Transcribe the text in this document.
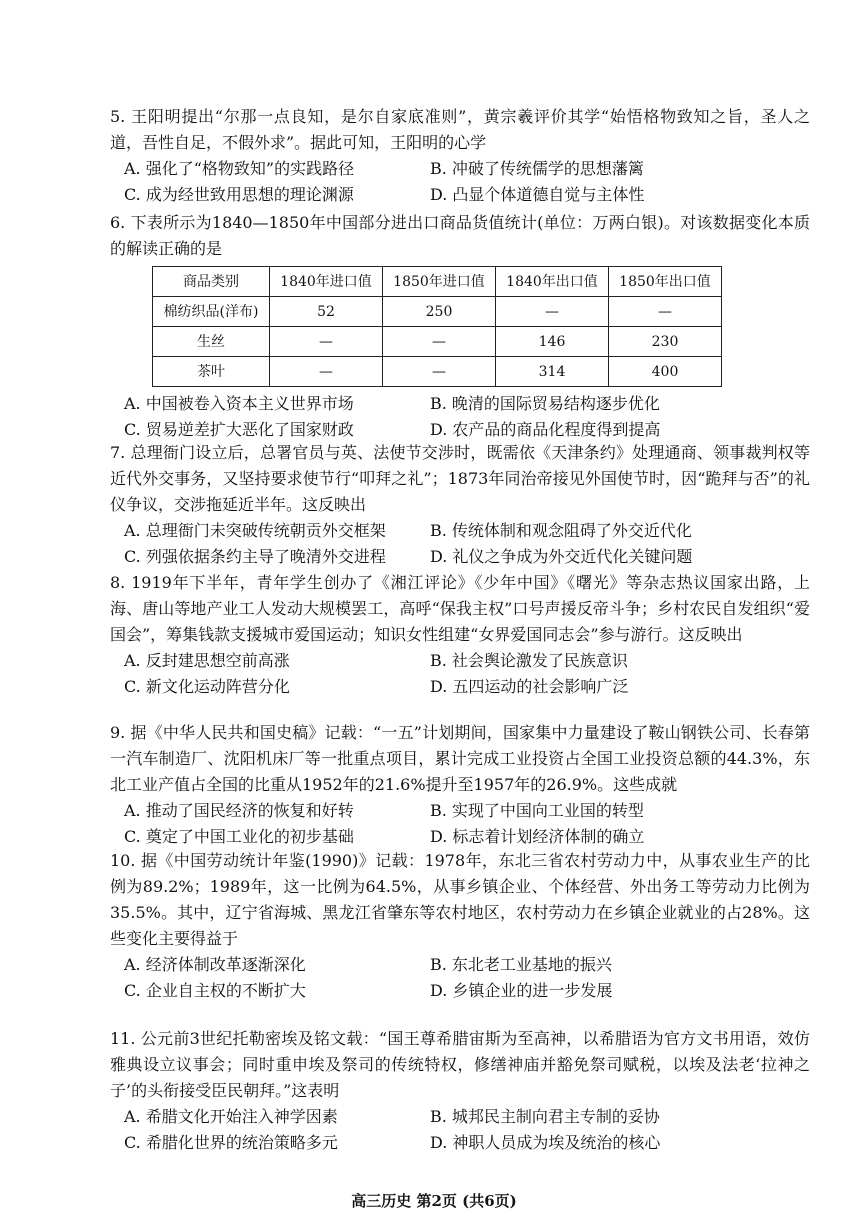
5. 王阳明提出“尔那一点良知，是尔自家底准则”，黄宗羲评价其学“始悟格物致知之旨，圣人之道，吾性自足，不假外求”。据此可知，王阳明的心学

A. 强化了“格物致知”的实践路径	B. 冲破了传统儒学的思想藩篱
C. 成为经世致用思想的理论渊源	D. 凸显个体道德自觉与主体性

6. 下表所示为1840—1850年中国部分进出口商品货值统计(单位：万两白银)。对该数据变化本质的解读正确的是

商品类别	1840年进口值	1850年进口值	1840年出口值	1850年出口值
棉纺织品(洋布)	52	250	—	—
生丝	—	—	146	230
茶叶	—	—	314	400
A. 中国被卷入资本主义世界市场	B. 晚清的国际贸易结构逐步优化
C. 贸易逆差扩大恶化了国家财政	D. 农产品的商品化程度得到提高

7. 总理衙门设立后，总署官员与英、法使节交涉时，既需依《天津条约》处理通商、领事裁判权等近代外交事务，又坚持要求使节行“叩拜之礼”；1873年同治帝接见外国使节时，因“跪拜与否”的礼仪争议，交涉拖延近半年。这反映出

A. 总理衙门未突破传统朝贡外交框架	B. 传统体制和观念阻碍了外交近代化
C. 列强依据条约主导了晚清外交进程	D. 礼仪之争成为外交近代化关键问题

8. 1919年下半年，青年学生创办了《湘江评论》《少年中国》《曙光》等杂志热议国家出路，上海、唐山等地产业工人发动大规模罢工，高呼“保我主权”口号声援反帝斗争；乡村农民自发组织“爱国会”，筹集钱款支援城市爱国运动；知识女性组建“女界爱国同志会”参与游行。这反映出

A. 反封建思想空前高涨	B. 社会舆论激发了民族意识
C. 新文化运动阵营分化	D. 五四运动的社会影响广泛

9. 据《中华人民共和国史稿》记载：“一五”计划期间，国家集中力量建设了鞍山钢铁公司、长春第一汽车制造厂、沈阳机床厂等一批重点项目，累计完成工业投资占全国工业投资总额的44.3%，东北工业产值占全国的比重从1952年的21.6%提升至1957年的26.9%。这些成就

A. 推动了国民经济的恢复和好转	B. 实现了中国向工业国的转型
C. 奠定了中国工业化的初步基础	D. 标志着计划经济体制的确立

10. 据《中国劳动统计年鉴(1990)》记载：1978年，东北三省农村劳动力中，从事农业生产的比例为89.2%；1989年，这一比例为64.5%，从事乡镇企业、个体经营、外出务工等劳动力比例为35.5%。其中，辽宁省海城、黑龙江省肇东等农村地区，农村劳动力在乡镇企业就业的占28%。这些变化主要得益于

A. 经济体制改革逐渐深化	B. 东北老工业基地的振兴
C. 企业自主权的不断扩大	D. 乡镇企业的进一步发展

11. 公元前3世纪托勒密埃及铭文载：“国王尊希腊宙斯为至高神，以希腊语为官方文书用语，效仿雅典设立议事会；同时重申埃及祭司的传统特权，修缮神庙并豁免祭司赋税，以埃及法老‘拉神之子’的头衔接受臣民朝拜。”这表明

A. 希腊文化开始注入神学因素	B. 城邦民主制向君主专制的妥协
C. 希腊化世界的统治策略多元	D. 神职人员成为埃及统治的核心
高三历史 第2页 (共6页)
